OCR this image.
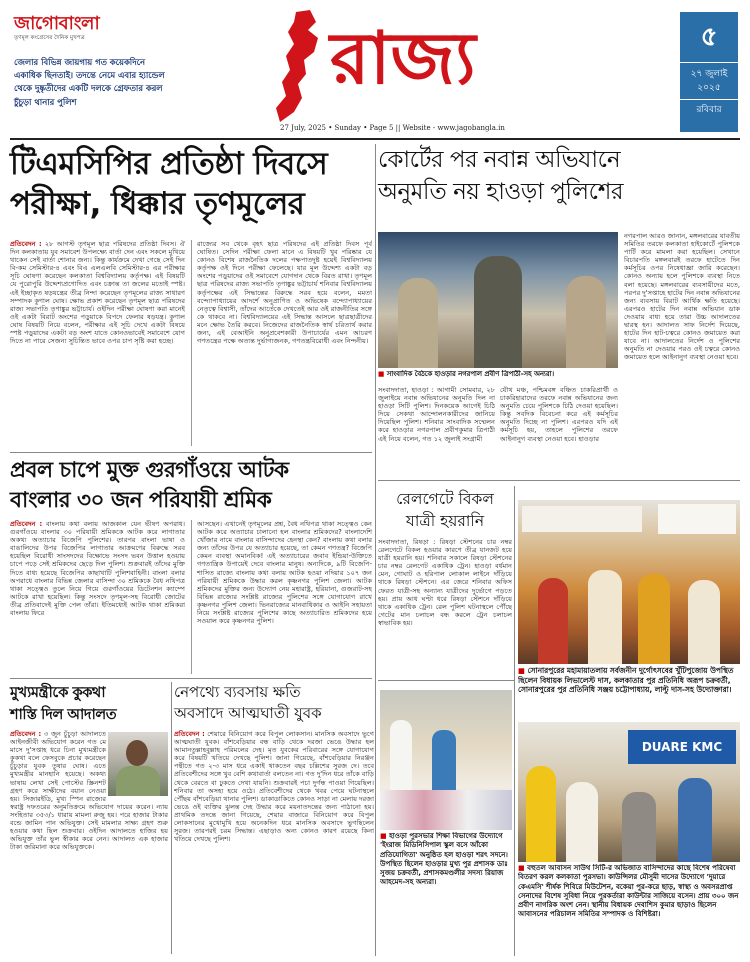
জাগোবাংলা
তৃণমূল কংগ্রেসের দৈনিক মুখপত্র
জেলার বিভিন্ন জায়গায় গত কয়েকদিনে একাধিক ছিনতাই। তদন্তে নেমে এবার হ্যান্ডেল থেকে দুষ্কৃতীদের একটি দলকে গ্রেফতার করল চুঁচুড়া থানার পুলিশ
রাজ্য
27 July, 2025 • Sunday • Page 5 || Website - www.jagobangla.in
৫
২৭ জুলাই ২০২৫
রবিবার
টিএমসিপির প্রতিষ্ঠা দিবসে
পরীক্ষা, ধিক্কার তৃণমূলের
প্রতিবেদন : ২৮ আগস্ট তৃণমূল ছাত্র পরিষদের প্রতিষ্ঠা দিবস। ঐ দিন কলকাতায় যুব সমাবেশ উপলক্ষ্যে বার্তা দেন এবং সকলে মুখিয়ে থাকেন সেই বার্তা শোনার জন্য। কিন্তু কার্যক্রমে দেখা গেছে সেই দিন বি-কম সেমিস্টার-৪ এবং বিএ এলএলবি সেমিস্টার-৪ এর পরীক্ষার সূচি ঘোষণা করেছেন কলকাতা বিশ্ববিদ্যালয় কর্তৃপক্ষ। এই বিষয়টি যে পুরোপুরি উদ্দেশ্যপ্রণোদিত এবং চক্রান্ত তা জলের মতোই স্পষ্ট। এই ইচ্ছাকৃত ষড়যন্ত্রের তীব্র নিন্দা করেছেন তৃণমূলের রাজ্য সাধারণ সম্পাদক কুণাল ঘোষ। ক্ষোভ প্রকাশ করেছেন তৃণমূল ছাত্র পরিষদের রাজ্য সভাপতি তৃণাঙ্কুর ভট্টাচার্য। ওইদিন পরীক্ষা ঘোষণা করা মানেই ওই একটা বিরাট অংশের পড়ুয়াকে বিপদে ফেলার ষড়যন্ত্র। কুণাল ঘোষ বিষয়টি নিয়ে বলেন, পরীক্ষার এই সূচি দেখে একটা বিষয়ে স্পষ্ট পড়ুয়াদের একটা বড় অংশ যাতে কোনওভাবেই সমাবেশে যোগ দিতে না পারে সেজন্য সুচিন্তিত ভাবে ওপর চাপ সৃষ্টি করা হচ্ছে।
রাজ্যের সব থেকে বৃহৎ ছাত্র পরিষদের এই প্রতিষ্ঠা দিবস পূর্ব ঘোষিত। সেদিন পরীক্ষা ফেলা মানে এ বিষয়টি খুব পরিষ্কার যে কোনও বিশেষ রাজনৈতিক দলের পক্ষপাতদুষ্ট হয়েই বিশ্ববিদ্যালয় কর্তৃপক্ষ ওই দিনে পরীক্ষা ফেলেছে। যার মূল উদ্দেশ্য একটা বড় অংশের পড়ুয়াদের ওই সমাবেশে যোগদান থেকে বিরত রাখা। তৃণমূল ছাত্র পরিষদের রাজ্য সভাপতি তৃণাঙ্কুর ভট্টাচার্য শনিবার বিশ্ববিদ্যালয় কর্তৃপক্ষের এই সিদ্ধান্তের বিরুদ্ধে সরব হয়ে বলেন, মমতা বন্দ্যোপাধ্যায়ের আদর্শে অনুপ্রাণিত ও অভিষেক বন্দ্যোপাধ্যায়ের নেতৃত্বে বিশ্বাসী, তাঁদের আর্তেকে দেখতেই আর ওই রাজনীতির সঙ্গে কে থাকবে না। বিশ্ববিদ্যালয়ের এই সিদ্ধান্ত আসলে ছাত্রছাত্রীদের মনে ক্ষোভ তৈরি করবে। নিজেদের রাজনৈতিক স্বার্থ চরিতার্থ করার জন্য, এই বেআইনি অনুপ্রবেশকারী উপাচার্যের এমন আচরণ গণতন্ত্রের পক্ষে অত্যন্ত দুর্ভাগ্যজনক, গণতন্ত্রবিরোধী এবং নিন্দনীয়।
কোর্টের পর নবান্ন অভিযানে
অনুমতি নয় হাওড়া পুলিশের
■ সাংবাদিক বৈঠকে হাওড়ার নগরপাল প্রবীণ ত্রিপাঠী-সহ অন্যরা।
নগরপাল আরও জানান, মঙ্গলবারের যাবতীয় সমিতির তরফে কলকাতা হাইকোর্টে পুলিশকে পার্টি করে মামলা করা হয়েছিল। সেখানে বিচারপতি মঙ্গলবারই তরফে হাটেতে দিন কর্মসূচির ওপর নিষেধাজ্ঞা জারি করেছেন। কোনও অন্যায় হলে পুলিশকে ব্যবস্থা নিতে বলা হয়েছে। মঙ্গলবারের ব্যবসায়ীদের মতে, পরপর দু'সপ্তাহে হাটের দিন নবান্ন অভিযানের জন্য ব্যবসায় বিরাট আর্থিক ক্ষতি হয়েছে। এরপরও হাটের দিন নবান্ন অভিযান ডাক দেওয়ায় বাধ্য হয়ে তারা উচ্চ আদালতের দ্বারস্থ হন। আদালত সাফ নির্দেশ দিয়েছে, হাটের দিন হাট-চত্বরে কোনও জমায়েত করা যাবে না। আদালতের নির্দেশ ও পুলিশের অনুমতি না দেওয়ার পরও ওই চত্বরে কোনও জমায়েত হলে আইনানুগ ব্যবস্থা নেওয়া হবে।
সংবাদদাতা, হাওড়া : আগামী সোমবার, ২৮ জুলাইয়ে নবান্ন অভিযানের অনুমতি দিল না হাওড়া সিটি পুলিশ। দিনকয়েক আগেই চিঠি দিয়ে সেকথা আন্দোলনকারীদের জানিয়ে দিয়েছিল পুলিশ। শনিবার সাংবাদিক সম্মেলন করে হাওড়ার নগরপাল প্রবীণকুমার ত্রিপাঠী এই নিয়ে বলেন, গত ১২ জুলাই সংগ্রামী
যৌথ মঞ্চ, পশ্চিমবঙ্গ বঞ্চিত চাকরিপ্রার্থী ও চাকরিহারাদের তরফে নবান্ন অভিযানের জন্য অনুমতি চেয়ে পুলিশকে চিঠি দেওয়া হয়েছিল। কিন্তু সবদিক বিবেচনা করে এই কর্মসূচির অনুমতি দিচ্ছে না পুলিশ। এরপরও যদি এই কর্মসূচি হয়, তাহলে পুলিশের তরফে আইনানুগ ব্যবস্থা নেওয়া হবে। হাওড়ার
প্রবল চাপে মুক্ত গুরগাঁওয়ে আটক
বাংলার ৩০ জন পরিযায়ী শ্রমিক
প্রতিবেদন : বাংলায় কথা বলায় আজকাল যেন ভীষণ অপরাধ। গুরগাঁওয়ে বাংলার ৩০ পরিযায়ী শ্রমিককে আটক করে লাগাতার অকথ্য অত্যাচার বিজেপি পুলিশের। তারপর বাংলা ভাষা ও বাঙালিদের উপর বিজেপির লাগাতার আক্রমণের বিরুদ্ধে সরব হয়েছিল বিরোধী সাংসদদের বিক্ষোভে সংসদ ভবন উত্তাল হওয়ায় চাপে পড়ে সেই শ্রমিকদের ছেড়ে দিল পুলিশ। শুক্রবারই তাঁদের মুক্তি দিতে বাধ্য হয়েছে বিজেপির কাছাখাটি পুলিশবাহিনী। বাংলা বলার অপরাধে বাংলার বিভিন্ন জেলার বাসিন্দা ৩০ শ্রমিককে বৈধ নথিপত্র থাকা সত্ত্বেও তুলে নিয়ে গিয়ে গুরগাঁওয়ের ডিটেনশন ক্যাম্পে আটকে রাখা হয়েছিল। কিন্তু সংসদে তৃণমূল-সহ বিরোধী জোটের তীব্র প্রতিবাদেই মুক্তি পেল তাঁরা। ইতিমধ্যেই আটক থাকা শ্রমিকরা বাংলায় ফিরে
আসছেন। এখানেই তৃণমূলের প্রশ্ন, বৈধ নথিপত্র থাকা সত্ত্বেও কেন আটক করে অত্যাচার চালানো হল বাংলার শ্রমিকদের? বাংলাদেশি খোঁজার নামে বাংলার বাসিন্দাদের হেনস্থা কেন? বাংলায় কথা বলার জন্য তাঁদের উপর যে অত্যাচার হয়েছে, তা কেমন গণতন্ত্র? বিজেপি কেমন ব্যবস্থা অমানবিক! এই অত্যাচারের জবাব ইন্ডিয়া-উক্তিতে গণতান্ত্রিক উপায়েই দেবে বাংলার মানুষ। অন্যদিকে, ৯টি বিজেপি-শাসিত রাজ্যে বাংলায় কথা বলায় আটক হওয়া নদিয়ার ১০৭ জন পরিযায়ী শ্রমিককে উদ্ধার করল কৃষ্ণনগর পুলিশ জেলা। আটক শ্রমিকদের মুক্তির জন্য উদ্যোগ নেয় মহারাষ্ট্র, হরিয়ানা, গুজরাট-সহ বিভিন্ন রাজ্যের সংশ্লিষ্ট রাজ্যের পুলিশের সঙ্গে যোগাযোগ রাখে কৃষ্ণনগর পুলিশ জেলা। ভিনরাজ্যের মানবাধিকার ও আইনি সহায়তা নিয়ে সংশ্লিষ্ট রাজ্যের পুলিশের কাছে অত্যাচারিত শ্রমিকদের হয়ে সওয়াল করে কৃষ্ণনগর পুলিশ।
রেলগেটে বিকল
যাত্রী হয়রানি
সংবাদদাতা, রিষড়া : রিষড়া স্টেশনের চার নম্বর রেলগেটে বিকল হওয়ার কারণে তীব্র যানজট হয়ে যাত্রী হয়রানি হয়। শনিবার সকালে রিষড়া স্টেশনের চার নম্বর রেলগেট একাধিক ট্রেন। হাওড়া বর্ধমান মেন, গোঘাট ও হরিপাল লোকাল লাইনে দাঁড়িয়ে থাকে রিষড়া স্টেশনে। এর জেরে শনিবার অফিস ফেরত যাত্রী-সহ অন্যান্য যাত্রীদের দুর্ভোগে পড়তে হয়। প্রায় আধ ঘণ্টা ধরে রিষড়া স্টেশনে দাঁড়িয়ে থাকে একাধিক ট্রেন। রেল পুলিশ ঘটনাস্থলে পৌঁছে গেটের মান চলাচল বন্ধ করলে ট্রেন চলাচল স্বাভাবিক হয়।
■ সোনারপুরের মহামায়াতলায় সর্বজনীন দুর্গোৎসবের খুঁটিপুজোয় উপস্থিত ছিলেন বিধায়ক লিভালেস্ট দাস, কলকাতার পুর প্রতিনিধি অরূপ চক্রবর্তী, সোনারপুরের পুর প্রতিনিধি সঞ্জয় চট্টোপাধ্যায়, লাল্টু দাস-সহ উদ্যোক্তারা।
মুখ্যমন্ত্রীকে কুকথা
শাস্তি দিল আদালত
প্রতিবেদন : ৩ জুন চুঁচুড়া আদালতে আইনজীবী অভিযোগ করেন গত মে মাসে দু'সপ্তাহ ধরে চিনা মুখ্যমন্ত্রীকে কুকথা বলে ফেসবুকে প্রচার করেছেন চুঁচুড়ার যুবক তুষার ঘোষ। এতে মুখ্যমন্ত্রীর মানহানি হয়েছে। অকথ্য ভাষায় লেখা সেই পোস্টের স্ক্রিনশট গ্রহণ করে সাক্ষীদের বয়ান নেওয়া হয়। সিজারইডি, মুখ্য স্পিন রাজ্যের স্বরাষ্ট্র দফতরের অনুমতিক্রমে অভিযোগ দায়ের করেন। ন্যায় সংহিতার ৩৫৩/১ ধারায় মামলা রুজু হয়। পরে হাজার টাকার বন্ডে জামিন পান অভিযুক্ত। সেই মামলার সাক্ষ্য গ্রহণ শুরু হওয়ার কথা ছিল শুক্রবার। ওইদিন আদালতে হাজির হয় অভিযুক্ত তাঁর ভুল স্বীকার করে নেন। আদালত এক হাজার টাকা জরিমানা করে অভিযুক্তকে।
নেপথ্যে ব্যবসায় ক্ষতি
অবসাদে আত্মঘাতী যুবক
প্রতিবেদন : শেয়ারে বিনিয়োগ করে বিপুল লোকসান। মানসিক অবসাদে ভুগে আত্মঘাতী যুবক। বাঁশবেড়িয়ার বন্ধ বাড়ি থেকে দরজা ভেঙে উদ্ধার হল আমানতুল্লাহবুল্লাহ পরিমলের দেহ। মৃত যুবকের পরিবারের সঙ্গে যোগাযোগ করে বিষয়টি খতিয়ে দেখছে পুলিশ। জানা গিয়েছে, বাঁশবেড়িয়ার নিরঞ্জন পন্থীতে গত ২-৩ মাস ধরে একাই থাকতেন বছর চল্লিশের সুরজ দে। তবে প্রতিবেশীদের সঙ্গে খুব বেশি কথাবার্তা বলতেন না। গত দু'দিন ধরে তাঁকে বাড়ি থেকে বেরতে বা ঢুকতে দেখা যায়নি। শুক্রবারই পচা দুর্গন্ধ পাওয়া গিয়েছিল। শনিবার তা অসহ্য হয়ে ওঠে। প্রতিবেশীদের থেকে খবর পেয়ে ঘটনাস্থলে পৌঁছয় বাঁশবেড়িয়া থানার পুলিশ। ডাকাডাকিতে কোনও সাড়া না মেলায় দরজা ভেঙে ওই ব্যক্তির ঝুলন্ত দেহ উদ্ধার করে ময়নাতদন্তের জন্য পাঠানো হয়। প্রাথমিক তদন্তে জানা গিয়েছে, শেয়ার বাজারে বিনিয়োগ করে বিপুল লোকসানের মুখোমুখি হয়ে অনেকদিন ধরে মানসিক অবসাদে ভুগছিলেন সুরজ। তারপরই চরম সিদ্ধান্ত। এছাড়াও অন্য কোনও কারণ রয়েছে কিনা খতিয়ে দেখছে পুলিশ।	■ হাওড়া পুরসভার শিক্ষা বিভাগের উদ্যোগে 'ইংরাজ মিডিনিসিপাল স্কুল বসে আঁকো প্রতিযোগিতা' অনুষ্ঠিত হল হাওড়া শরৎ সদনে। উপস্থিত ছিলেন হাওড়ার মুখ্য পুর প্রশাসক ডাঃ সুজয় চক্রবর্তী, প্রশাসকমণ্ডলীর সদস্য রিয়াজ আহমেদ-সহ অন্যরা।
DUARE KMC
■ বহুতল আবাসন সাউথ সিটি-র অভিজাত বাসিন্দাদের কাছে বিশেষ পরিষেবা বিতরণ করল কলকাতা পুরসভা। কাউন্সিলর মৌসুমী দাসের উদ্যোগে 'দুয়ারে কেএমসি' শীর্ষক শিবিরে মিউটেশন, বকেয়া পুর-করে ছাড়, স্বাস্থ্য ও অবসরপ্রাপ্ত সেনাদের বিশেষ সুবিধা নিয়ে পুরকর্তারা কাউন্টার সাজিয়ে বসেন। প্রায় ৩০০ জন প্রবীণ নাগরিক অংশ নেন। স্থানীয় বিধায়ক দেবাশিস কুমার ছাড়াও ছিলেন আবাসনের পরিচালন সমিতির সম্পাদক ও বিশিষ্টরা।
